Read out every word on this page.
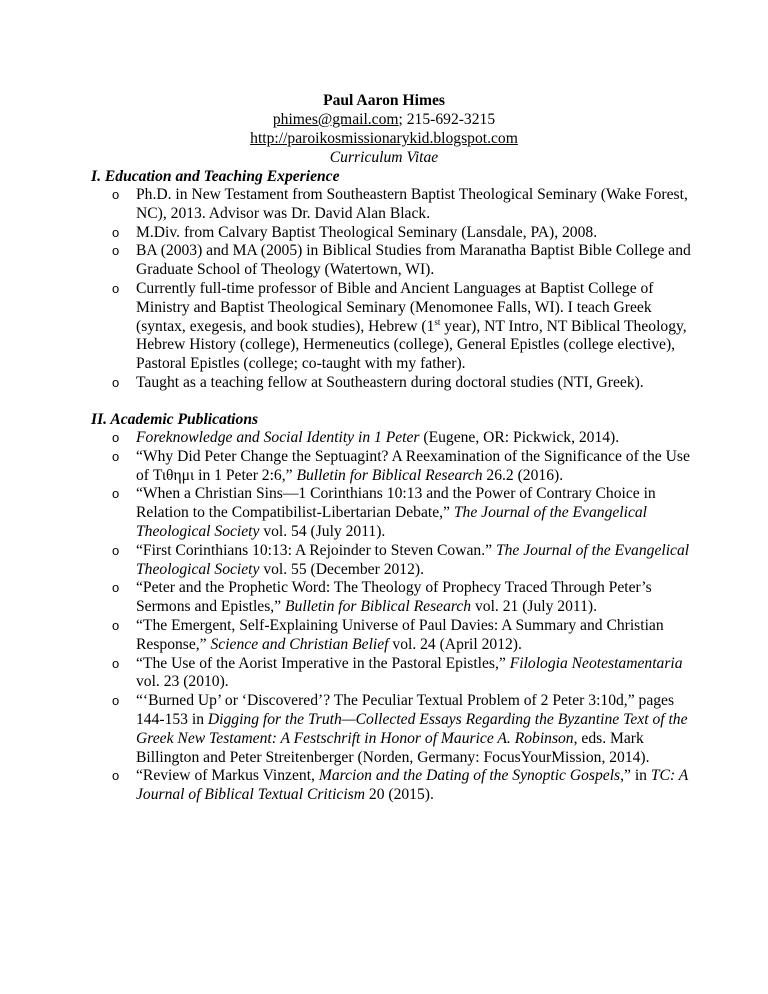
Paul Aaron Himes
phimes@gmail.com; 215-692-3215
http://paroikosmissionarykid.blogspot.com
Curriculum Vitae

I. Education and Teaching Experience

o Ph.D. in New Testament from Southeastern Baptist Theological Seminary (Wake Forest, NC), 2013. Advisor was Dr. David Alan Black.
o M.Div. from Calvary Baptist Theological Seminary (Lansdale, PA), 2008.
o BA (2003) and MA (2005) in Biblical Studies from Maranatha Baptist Bible College and Graduate School of Theology (Watertown, WI).
o Currently full-time professor of Bible and Ancient Languages at Baptist College of Ministry and Baptist Theological Seminary (Menomonee Falls, WI). I teach Greek (syntax, exegesis, and book studies), Hebrew (1st year), NT Intro, NT Biblical Theology, Hebrew History (college), Hermeneutics (college), General Epistles (college elective), Pastoral Epistles (college; co-taught with my father).
o Taught as a teaching fellow at Southeastern during doctoral studies (NTI, Greek).

II. Academic Publications

o Foreknowledge and Social Identity in 1 Peter (Eugene, OR: Pickwick, 2014).
o “Why Did Peter Change the Septuagint? A Reexamination of the Significance of the Use of Τιθημι in 1 Peter 2:6,” Bulletin for Biblical Research 26.2 (2016).
o “When a Christian Sins—1 Corinthians 10:13 and the Power of Contrary Choice in Relation to the Compatibilist-Libertarian Debate,” The Journal of the Evangelical Theological Society vol. 54 (July 2011).
o “First Corinthians 10:13: A Rejoinder to Steven Cowan.” The Journal of the Evangelical Theological Society vol. 55 (December 2012).
o “Peter and the Prophetic Word: The Theology of Prophecy Traced Through Peter’s Sermons and Epistles,” Bulletin for Biblical Research vol. 21 (July 2011).
o “The Emergent, Self-Explaining Universe of Paul Davies: A Summary and Christian Response,” Science and Christian Belief vol. 24 (April 2012).
o “The Use of the Aorist Imperative in the Pastoral Epistles,” Filologia Neotestamentaria vol. 23 (2010).
o “‘Burned Up’ or ‘Discovered’? The Peculiar Textual Problem of 2 Peter 3:10d,” pages 144-153 in Digging for the Truth—Collected Essays Regarding the Byzantine Text of the Greek New Testament: A Festschrift in Honor of Maurice A. Robinson, eds. Mark Billington and Peter Streitenberger (Norden, Germany: FocusYourMission, 2014).
o “Review of Markus Vinzent, Marcion and the Dating of the Synoptic Gospels,” in TC: A Journal of Biblical Textual Criticism 20 (2015).
